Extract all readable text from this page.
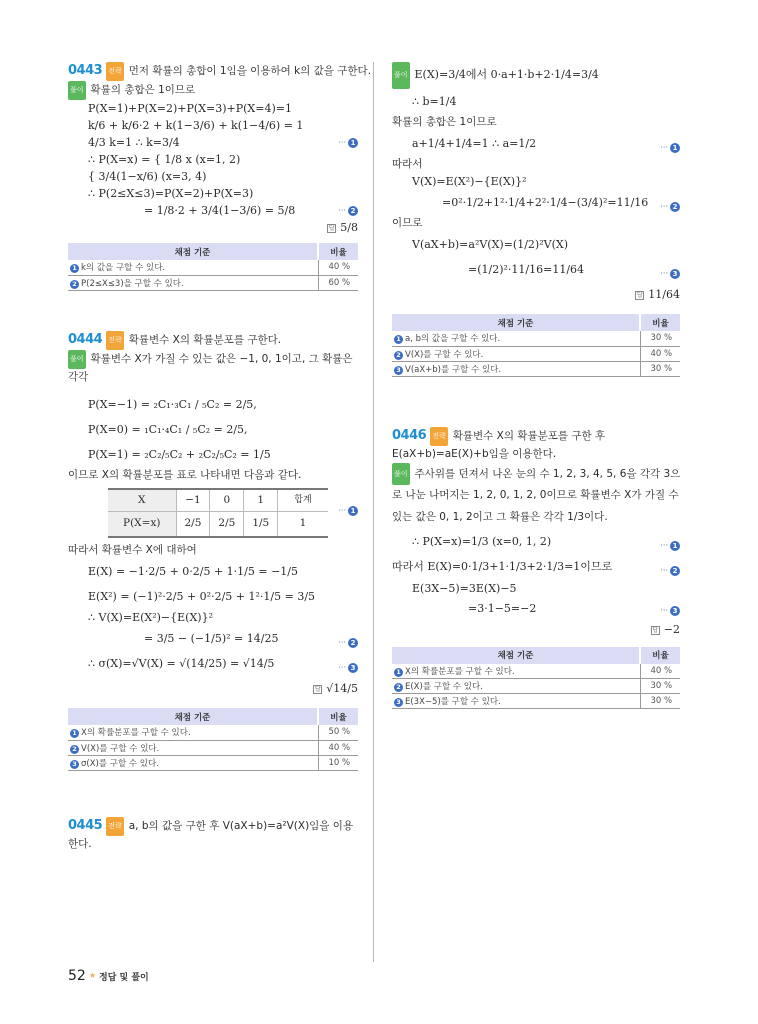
0443 전략 먼저 확률의 총합이 1임을 이용하여 k의 값을 구한다.
풀이 확률의 총합은 1이므로
P(X=1)+P(X=2)+P(X=3)+P(X=4)=1
k/6 + k/6·2 + k(1−3/6) + k(1−4/6) = 1
4/3 k=1 ∴ k=3/4	··· 1
∴ P(X=x) = { 1/8 x (x=1, 2)
{ 3/4(1−x/6) (x=3, 4)
∴ P(2≤X≤3)=P(X=2)+P(X=3)
= 1/8·2 + 3/4(1−3/6) = 5/8	··· 2
답 5/8
채점 기준	비율
1 k의 값을 구할 수 있다.	40 %
2 P(2≤X≤3)을 구할 수 있다.	60 %
0444 전략 확률변수 X의 확률분포를 구한다.
풀이 확률변수 X가 가질 수 있는 값은 −1, 0, 1이고, 그 확률은
각각
P(X=−1) = ₂C₁·₃C₁ / ₅C₂ = 2/5,
P(X=0) = ₁C₁·₄C₁ / ₅C₂ = 2/5,
P(X=1) = ₂C₂/₅C₂ + ₂C₂/₅C₂ = 1/5
이므로 X의 확률분포를 표로 나타내면 다음과 같다.
X	−1	0	1	합계
P(X=x)	2/5	2/5	1/5	1
··· 1
따라서 확률변수 X에 대하여
E(X) = −1·2/5 + 0·2/5 + 1·1/5 = −1/5
E(X²) = (−1)²·2/5 + 0²·2/5 + 1²·1/5 = 3/5
∴ V(X)=E(X²)−{E(X)}²
= 3/5 − (−1/5)² = 14/25	··· 2
∴ σ(X)=√V(X) = √(14/25) = √14/5	··· 3
답 √14/5
채점 기준	비율
1 X의 확률분포를 구할 수 있다.	50 %
2 V(X)를 구할 수 있다.	40 %
3 σ(X)를 구할 수 있다.	10 %
0445 전략 a, b의 값을 구한 후 V(aX+b)=a²V(X)임을 이용
한다.
풀이 E(X)=3/4에서 0·a+1·b+2·1/4=3/4
∴ b=1/4
확률의 총합은 1이므로
a+1/4+1/4=1 ∴ a=1/2	··· 1
따라서
V(X)=E(X²)−{E(X)}²
=0²·1/2+1²·1/4+2²·1/4−(3/4)²=11/16 ··· 2
이므로
V(aX+b)=a²V(X)=(1/2)²V(X)
=(1/2)²·11/16=11/64	··· 3
답 11/64
채점 기준	비율
1 a, b의 값을 구할 수 있다.	30 %
2 V(X)를 구할 수 있다.	40 %
3 V(aX+b)를 구할 수 있다.	30 %
0446 전략 확률변수 X의 확률분포를 구한 후
E(aX+b)=aE(X)+b임을 이용한다.
풀이 주사위를 던져서 나온 눈의 수 1, 2, 3, 4, 5, 6을 각각 3으
로 나눈 나머지는 1, 2, 0, 1, 2, 0이므로 확률변수 X가 가질 수
있는 값은 0, 1, 2이고 그 확률은 각각 1/3이다.
∴ P(X=x)=1/3 (x=0, 1, 2)	··· 1
따라서 E(X)=0·1/3+1·1/3+2·1/3=1이므로	··· 2
E(3X−5)=3E(X)−5
=3·1−5=−2	··· 3
답 −2
채점 기준	비율
1 X의 확률분포를 구할 수 있다.	40 %
2 E(X)를 구할 수 있다.	30 %
3 E(3X−5)를 구할 수 있다.	30 %
52 ★ 정답 및 풀이
